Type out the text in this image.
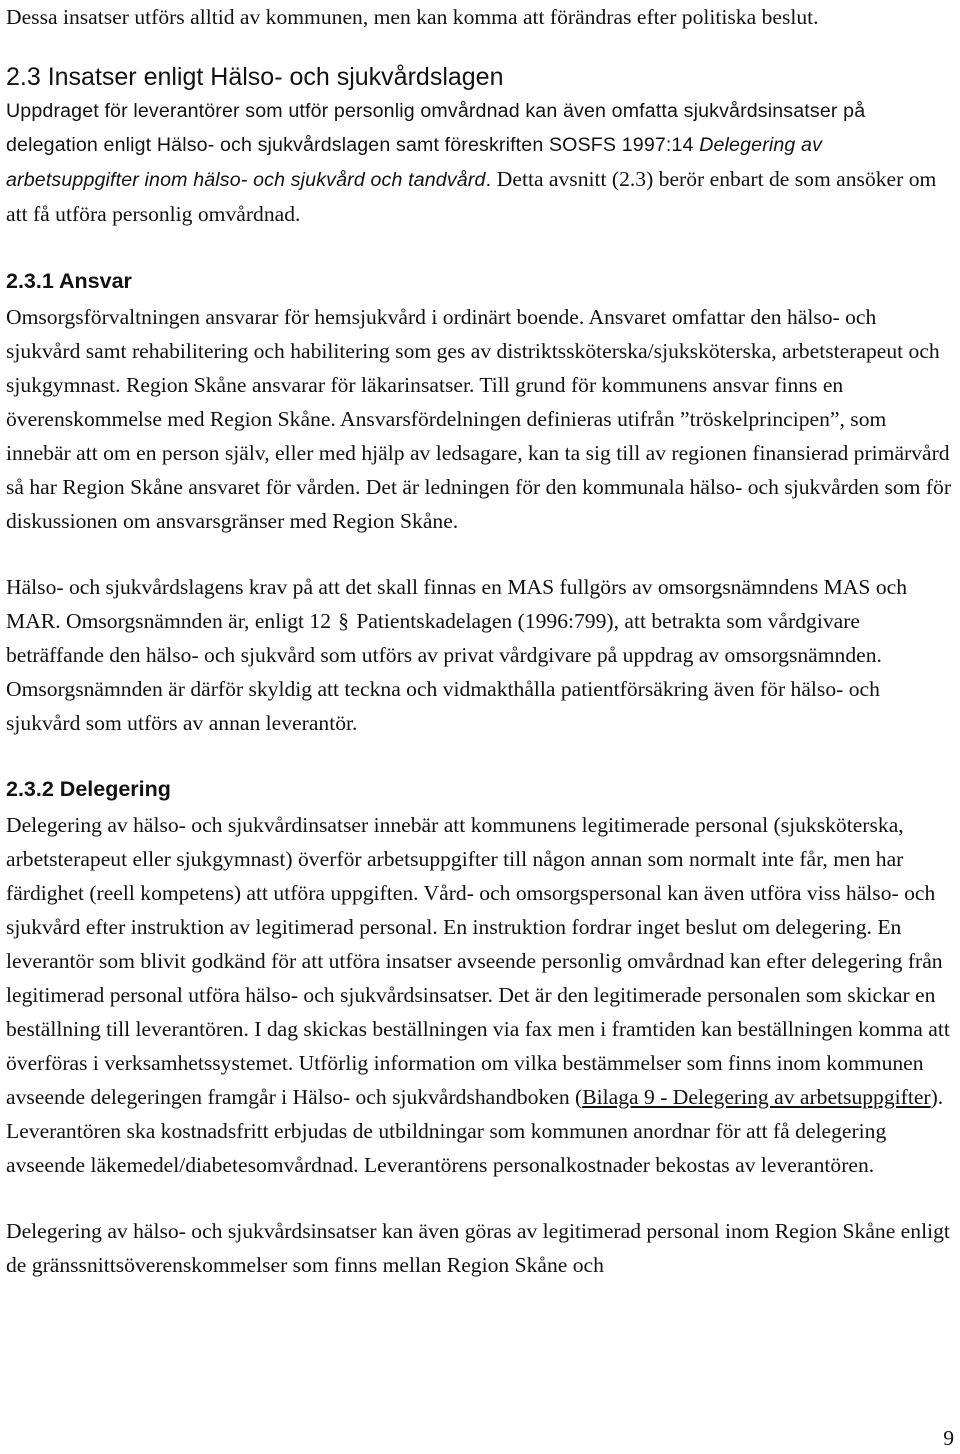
Dessa insatser utförs alltid av kommunen, men kan komma att förändras efter politiska beslut.

2.3 Insatser enligt Hälso- och sjukvårdslagen

Uppdraget för leverantörer som utför personlig omvårdnad kan även omfatta sjukvårdsinsatser på delegation enligt Hälso- och sjukvårdslagen samt föreskriften SOSFS 1997:14 Delegering av arbetsuppgifter inom hälso- och sjukvård och tandvård. Detta avsnitt (2.3) berör enbart de som ansöker om att få utföra personlig omvårdnad.

2.3.1 Ansvar

Omsorgsförvaltningen ansvarar för hemsjukvård i ordinärt boende. Ansvaret omfattar den hälso- och sjukvård samt rehabilitering och habilitering som ges av distriktssköterska/sjuksköterska, arbetsterapeut och sjukgymnast. Region Skåne ansvarar för läkarinsatser. Till grund för kommunens ansvar finns en överenskommelse med Region Skåne. Ansvarsfördelningen definieras utifrån ”tröskelprincipen”, som innebär att om en person själv, eller med hjälp av ledsagare, kan ta sig till av regionen finansierad primärvård så har Region Skåne ansvaret för vården. Det är ledningen för den kommunala hälso- och sjukvården som för diskussionen om ansvarsgränser med Region Skåne.

Hälso- och sjukvårdslagens krav på att det skall finnas en MAS fullgörs av omsorgsnämndens MAS och MAR. Omsorgsnämnden är, enligt 12 § Patientskadelagen (1996:799), att betrakta som vårdgivare beträffande den hälso- och sjukvård som utförs av privat vårdgivare på uppdrag av omsorgsnämnden. Omsorgsnämnden är därför skyldig att teckna och vidmakthålla patientförsäkring även för hälso- och sjukvård som utförs av annan leverantör.

2.3.2 Delegering

Delegering av hälso- och sjukvårdinsatser innebär att kommunens legitimerade personal (sjuksköterska, arbetsterapeut eller sjukgymnast) överför arbetsuppgifter till någon annan som normalt inte får, men har färdighet (reell kompetens) att utföra uppgiften. Vård- och omsorgspersonal kan även utföra viss hälso- och sjukvård efter instruktion av legitimerad personal. En instruktion fordrar inget beslut om delegering. En leverantör som blivit godkänd för att utföra insatser avseende personlig omvårdnad kan efter delegering från legitimerad personal utföra hälso- och sjukvårdsinsatser. Det är den legitimerade personalen som skickar en beställning till leverantören. I dag skickas beställningen via fax men i framtiden kan beställningen komma att överföras i verksamhetssystemet. Utförlig information om vilka bestämmelser som finns inom kommunen avseende delegeringen framgår i Hälso- och sjukvårdshandboken (Bilaga 9 - Delegering av arbetsuppgifter). Leverantören ska kostnadsfritt erbjudas de utbildningar som kommunen anordnar för att få delegering avseende läkemedel/diabetesomvårdnad. Leverantörens personalkostnader bekostas av leverantören.

Delegering av hälso- och sjukvårdsinsatser kan även göras av legitimerad personal inom Region Skåne enligt de gränssnittsöverenskommelser som finns mellan Region Skåne och

9
